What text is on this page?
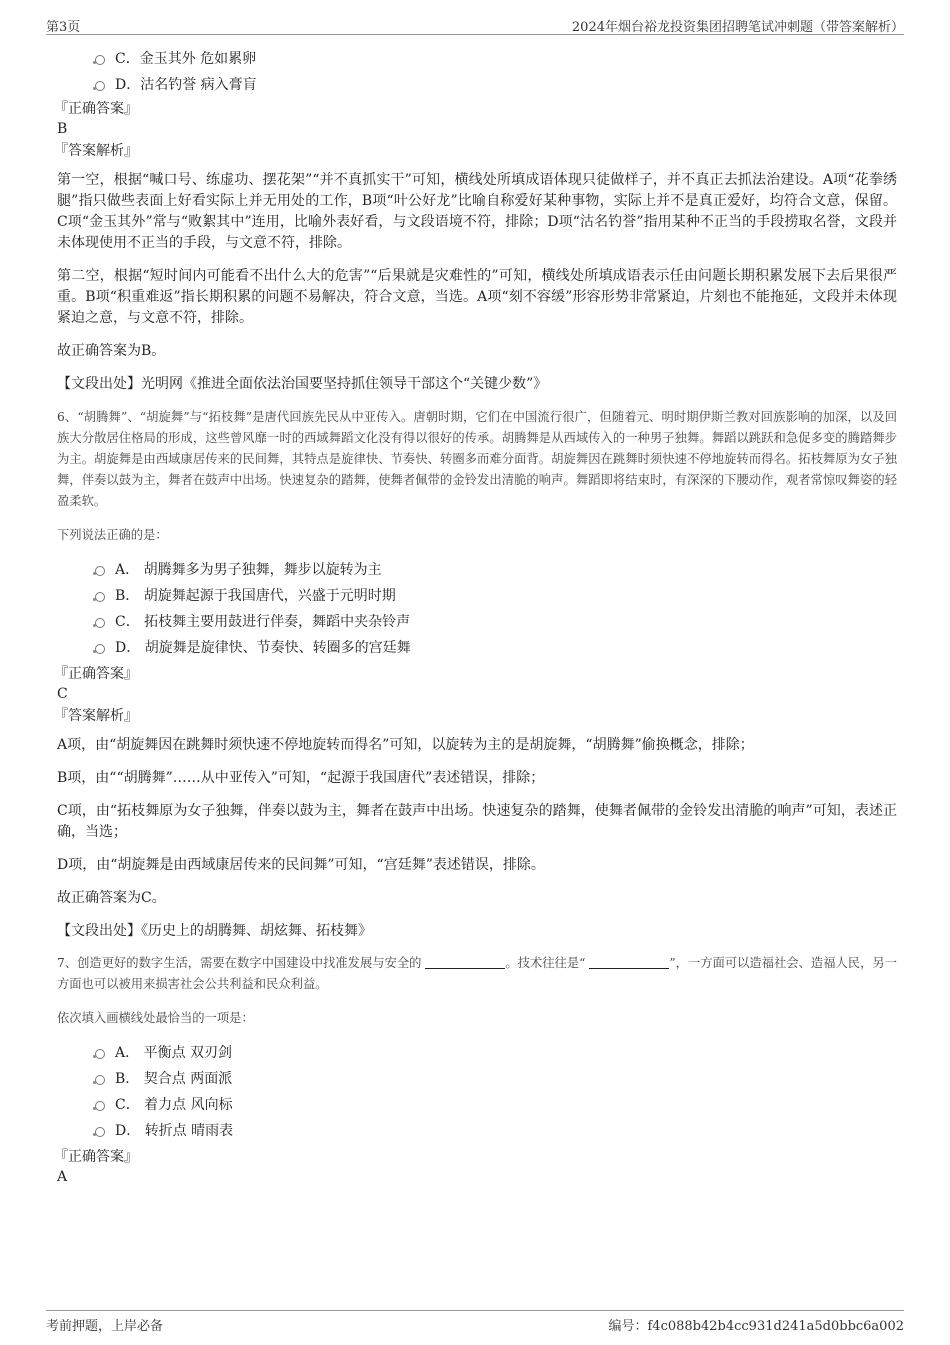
第3页	2024年烟台裕龙投资集团招聘笔试冲刺题（带答案解析）
C．金玉其外 危如累卵
D．沽名钓誉 病入膏肓
『正确答案』
B
『答案解析』

第一空，根据“喊口号、练虚功、摆花架”“并不真抓实干”可知，横线处所填成语体现只徒做样子，并不真正去抓法治建设。A项“花拳绣腿”指只做些表面上好看实际上并无用处的工作，B项“叶公好龙”比喻自称爱好某种事物，实际上并不是真正爱好，均符合文意，保留。C项“金玉其外”常与“败絮其中”连用，比喻外表好看，与文段语境不符，排除；D项“沽名钓誉”指用某种不正当的手段捞取名誉，文段并未体现使用不正当的手段，与文意不符，排除。

第二空，根据“短时间内可能看不出什么大的危害”“后果就是灾难性的”可知，横线处所填成语表示任由问题长期积累发展下去后果很严重。B项“积重难返”指长期积累的问题不易解决，符合文意，当选。A项“刻不容缓”形容形势非常紧迫，片刻也不能拖延，文段并未体现紧迫之意，与文意不符，排除。

故正确答案为B。

【文段出处】光明网《推进全面依法治国要坚持抓住领导干部这个“关键少数”》

6、“胡腾舞”、“胡旋舞”与“拓枝舞”是唐代回族先民从中亚传入。唐朝时期，它们在中国流行很广，但随着元、明时期伊斯兰教对回族影响的加深，以及回族大分散居住格局的形成，这些曾风靡一时的西域舞蹈文化没有得以很好的传承。胡腾舞是从西域传入的一种男子独舞。舞蹈以跳跃和急促多变的腾踏舞步为主。胡旋舞是由西域康居传来的民间舞，其特点是旋律快、节奏快、转圈多而难分面背。胡旋舞因在跳舞时须快速不停地旋转而得名。拓枝舞原为女子独舞，伴奏以鼓为主，舞者在鼓声中出场。快速复杂的踏舞，使舞者佩带的金铃发出清脆的响声。舞蹈即将结束时，有深深的下腰动作，观者常惊叹舞姿的轻盈柔软。

下列说法正确的是：

A． 胡腾舞多为男子独舞，舞步以旋转为主
B． 胡旋舞起源于我国唐代，兴盛于元明时期
C． 拓枝舞主要用鼓进行伴奏，舞蹈中夹杂铃声
D． 胡旋舞是旋律快、节奏快、转圈多的宫廷舞
『正确答案』
C
『答案解析』

A项，由“胡旋舞因在跳舞时须快速不停地旋转而得名”可知，以旋转为主的是胡旋舞，“胡腾舞”偷换概念，排除；

B项，由““胡腾舞”……从中亚传入”可知，“起源于我国唐代”表述错误，排除；

C项，由“拓枝舞原为女子独舞，伴奏以鼓为主，舞者在鼓声中出场。快速复杂的踏舞，使舞者佩带的金铃发出清脆的响声”可知，表述正确，当选；

D项，由“胡旋舞是由西域康居传来的民间舞”可知，“宫廷舞”表述错误，排除。

故正确答案为C。

【文段出处】《历史上的胡腾舞、胡炫舞、拓枝舞》

7、创造更好的数字生活，需要在数字中国建设中找准发展与安全的	。技术往往是“	”，一方面可以造福社会、造福人民，另一方面也可以被用来损害社会公共利益和民众利益。

依次填入画横线处最恰当的一项是：

A． 平衡点 双刃剑
B． 契合点 两面派
C． 着力点 风向标
D． 转折点 晴雨表
『正确答案』
A
考前押题，上岸必备	编号：f4c088b42b4cc931d241a5d0bbc6a002
